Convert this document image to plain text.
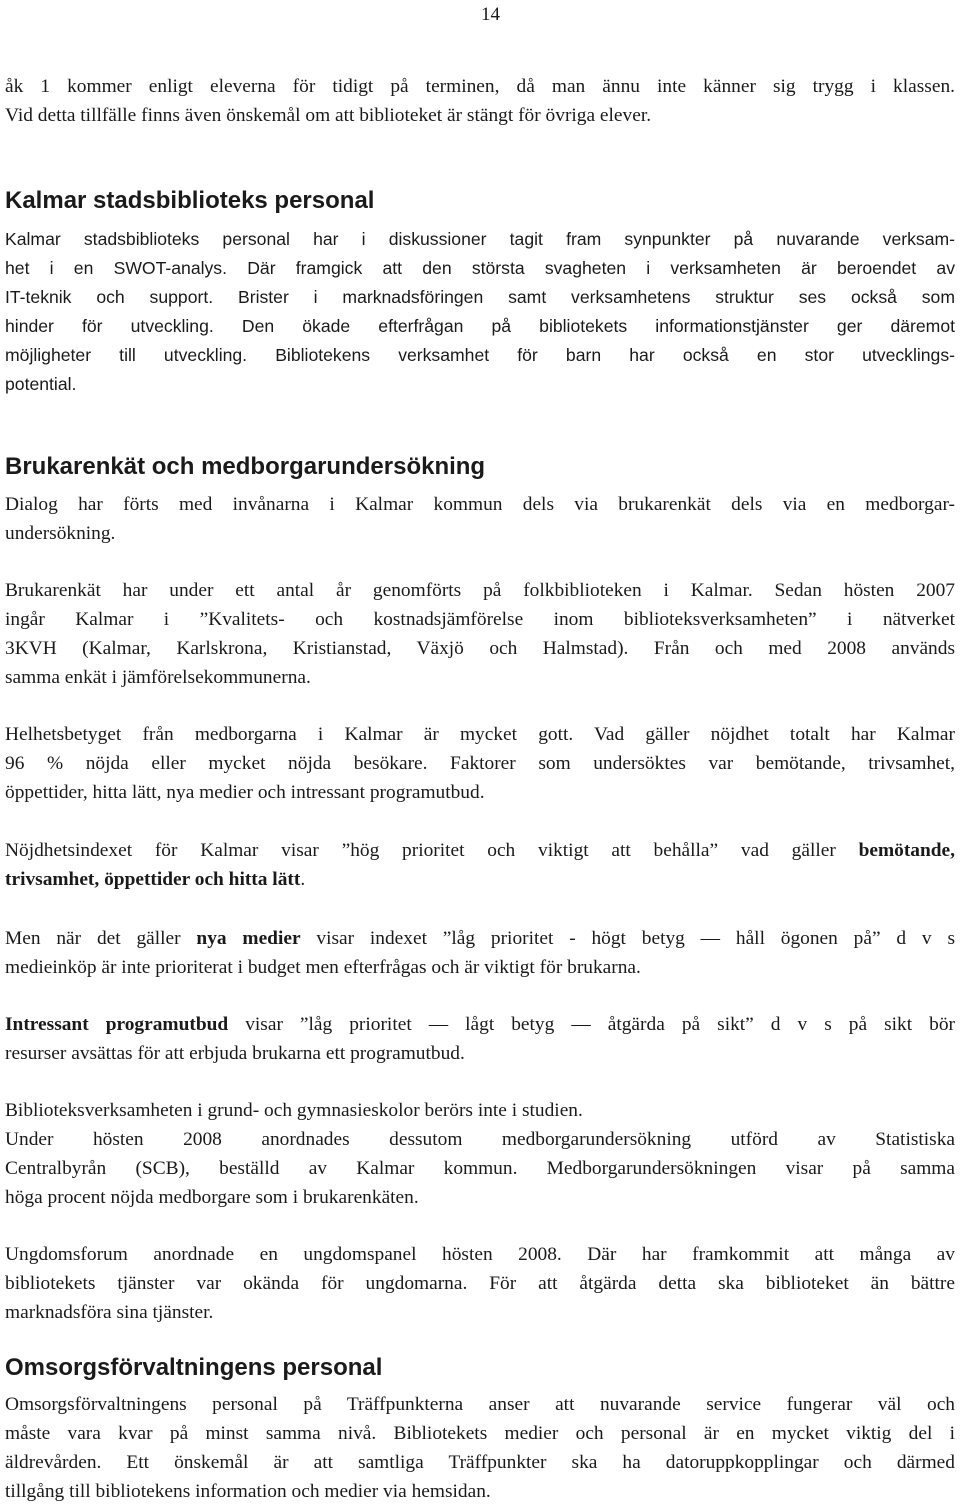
14

åk 1 kommer enligt eleverna för tidigt på terminen, då man ännu inte känner sig trygg i klassen.
Vid detta tillfälle finns även önskemål om att biblioteket är stängt för övriga elever.

Kalmar stadsbiblioteks personal

Kalmar stadsbiblioteks personal har i diskussioner tagit fram synpunkter på nuvarande verksam-
het i en SWOT-analys. Där framgick att den största svagheten i verksamheten är beroendet av
IT-teknik och support. Brister i marknadsföringen samt verksamhetens struktur ses också som
hinder för utveckling. Den ökade efterfrågan på bibliotekets informationstjänster ger däremot
möjligheter till utveckling. Bibliotekens verksamhet för barn har också en stor utvecklings-
potential.

Brukarenkät och medborgarundersökning

Dialog har förts med invånarna i Kalmar kommun dels via brukarenkät dels via en medborgar-
undersökning.

Brukarenkät har under ett antal år genomförts på folkbiblioteken i Kalmar. Sedan hösten 2007
ingår Kalmar i ”Kvalitets- och kostnadsjämförelse inom biblioteksverksamheten” i nätverket
3KVH (Kalmar, Karlskrona, Kristianstad, Växjö och Halmstad). Från och med 2008 används
samma enkät i jämförelsekommunerna.

Helhetsbetyget från medborgarna i Kalmar är mycket gott. Vad gäller nöjdhet totalt har Kalmar
96 % nöjda eller mycket nöjda besökare. Faktorer som undersöktes var bemötande, trivsamhet,
öppettider, hitta lätt, nya medier och intressant programutbud.

Nöjdhetsindexet för Kalmar visar ”hög prioritet och viktigt att behålla” vad gäller bemötande,
trivsamhet, öppettider och hitta lätt.

Men när det gäller nya medier visar indexet ”låg prioritet - högt betyg — håll ögonen på” d v s
medieinköp är inte prioriterat i budget men efterfrågas och är viktigt för brukarna.

Intressant programutbud visar ”låg prioritet — lågt betyg — åtgärda på sikt” d v s på sikt bör
resurser avsättas för att erbjuda brukarna ett programutbud.

Biblioteksverksamheten i grund- och gymnasieskolor berörs inte i studien.
Under hösten 2008 anordnades dessutom medborgarundersökning utförd av Statistiska
Centralbyrån (SCB), beställd av Kalmar kommun. Medborgarundersökningen visar på samma
höga procent nöjda medborgare som i brukarenkäten.

Ungdomsforum anordnade en ungdomspanel hösten 2008. Där har framkommit att många av
bibliotekets tjänster var okända för ungdomarna. För att åtgärda detta ska biblioteket än bättre
marknadsföra sina tjänster.

Omsorgsförvaltningens personal

Omsorgsförvaltningens personal på Träffpunkterna anser att nuvarande service fungerar väl och
måste vara kvar på minst samma nivå. Bibliotekets medier och personal är en mycket viktig del i
äldrevården. Ett önskemål är att samtliga Träffpunkter ska ha datoruppkopplingar och därmed
tillgång till bibliotekens information och medier via hemsidan.
